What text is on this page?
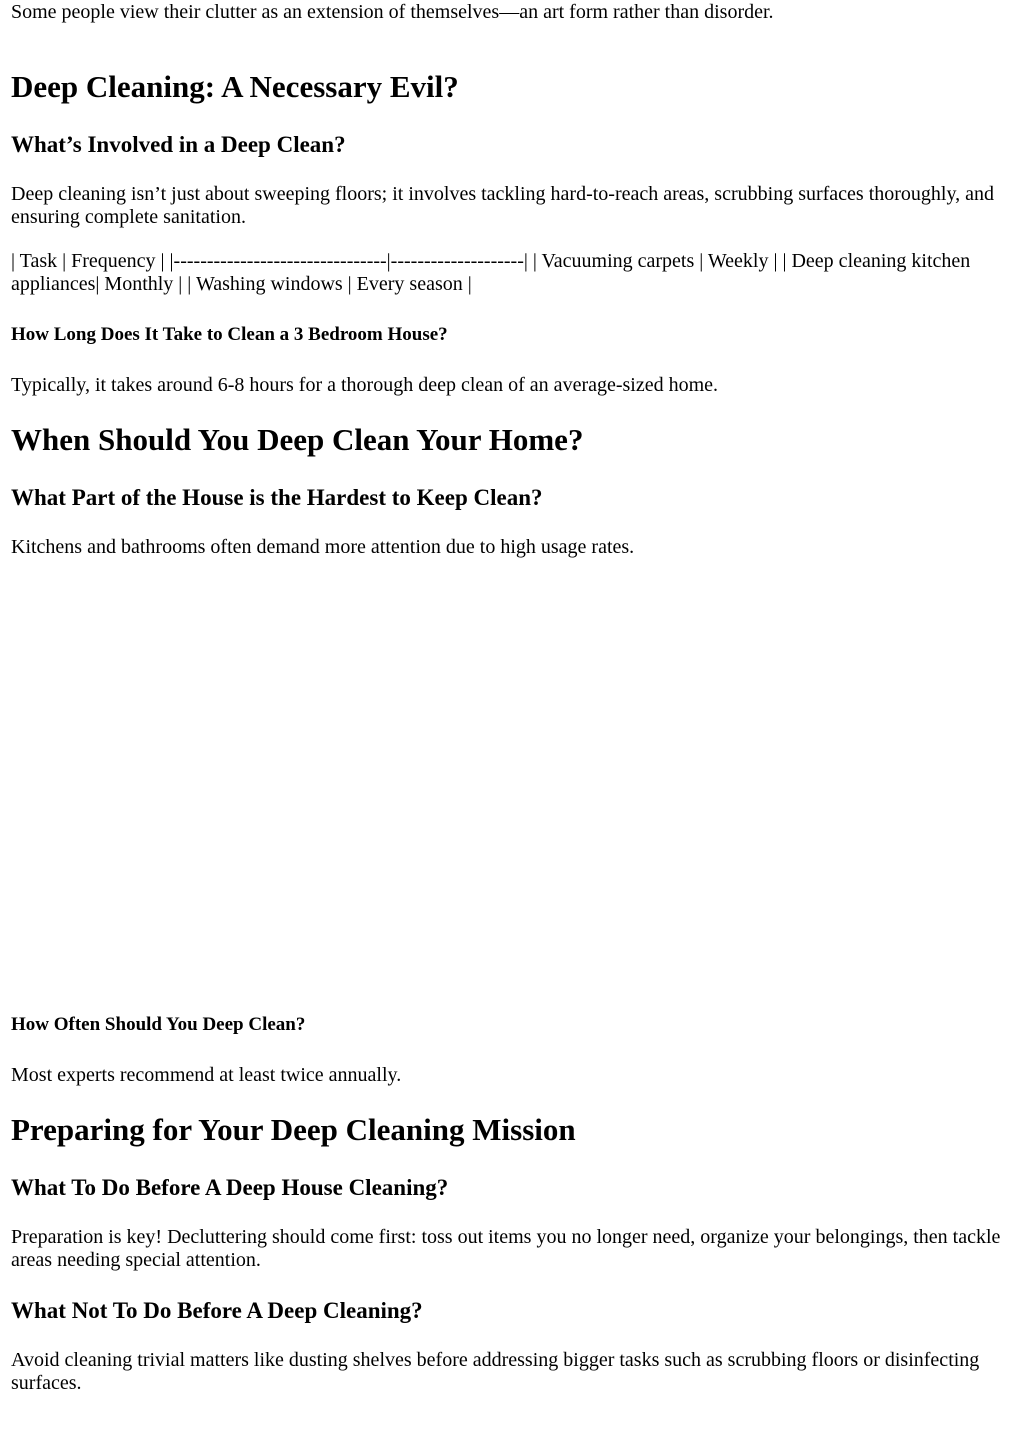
Some people view their clutter as an extension of themselves—an art form rather than disorder.

Deep Cleaning: A Necessary Evil?
What’s Involved in a Deep Clean?

Deep cleaning isn’t just about sweeping floors; it involves tackling hard-to-reach areas, scrubbing surfaces thoroughly, and ensuring complete sanitation.

| Task | Frequency | |--------------------------------|--------------------| | Vacuuming carpets | Weekly | | Deep cleaning kitchen appliances| Monthly | | Washing windows | Every season |

How Long Does It Take to Clean a 3 Bedroom House?

Typically, it takes around 6-8 hours for a thorough deep clean of an average-sized home.

When Should You Deep Clean Your Home?
What Part of the House is the Hardest to Keep Clean?

Kitchens and bathrooms often demand more attention due to high usage rates.

How Often Should You Deep Clean?

Most experts recommend at least twice annually.

Preparing for Your Deep Cleaning Mission
What To Do Before A Deep House Cleaning?

Preparation is key! Decluttering should come first: toss out items you no longer need, organize your belongings, then tackle areas needing special attention.

What Not To Do Before A Deep Cleaning?

Avoid cleaning trivial matters like dusting shelves before addressing bigger tasks such as scrubbing floors or disinfecting surfaces.
